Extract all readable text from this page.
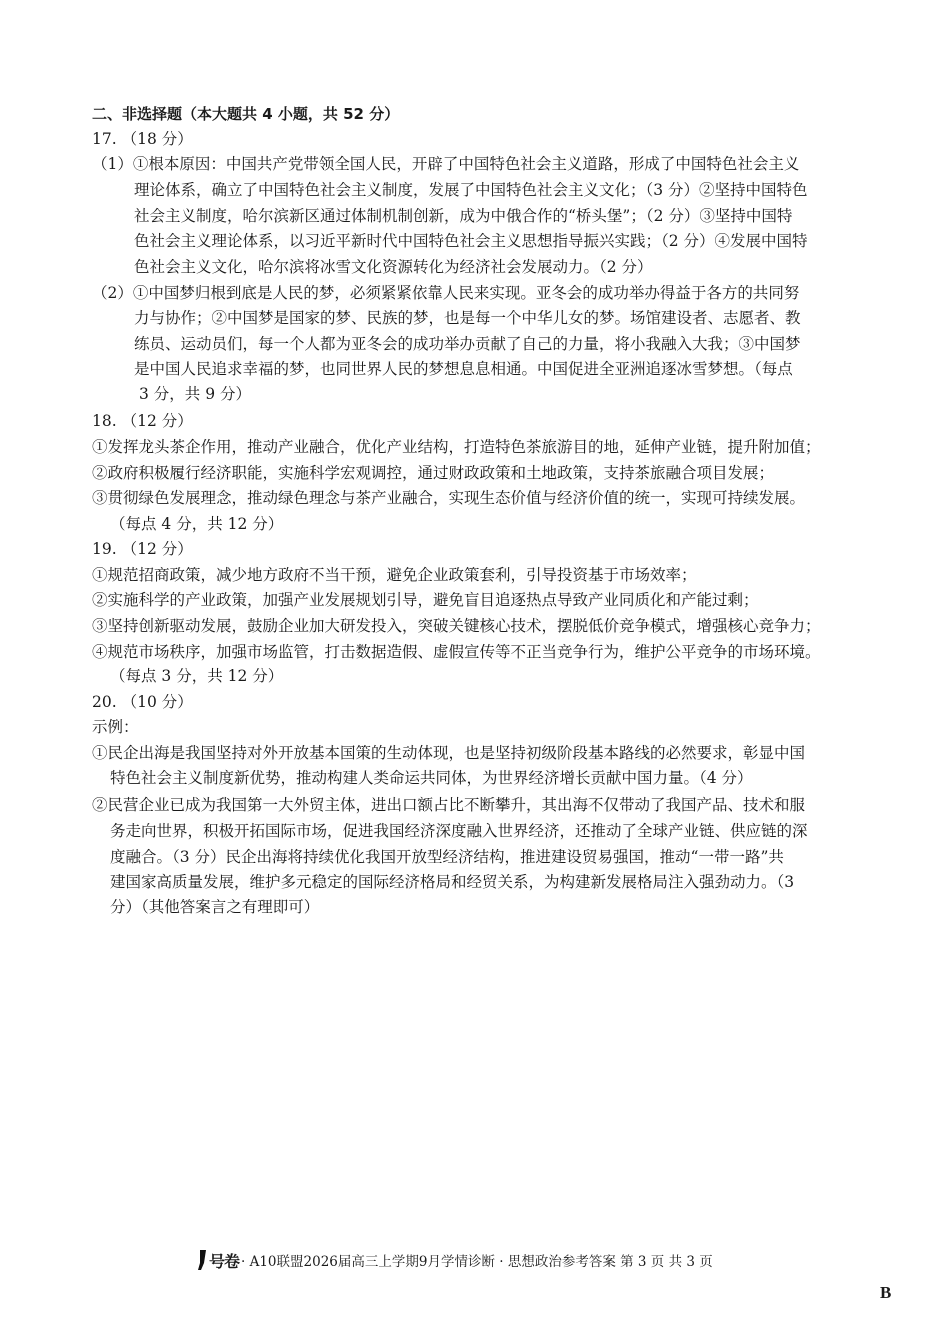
二、非选择题（本大题共 4 小题，共 52 分）
17. （18 分）
（1）①根本原因：中国共产党带领全国人民，开辟了中国特色社会主义道路，形成了中国特色社会主义
理论体系，确立了中国特色社会主义制度，发展了中国特色社会主义文化；（3 分）②坚持中国特色
社会主义制度，哈尔滨新区通过体制机制创新，成为中俄合作的“桥头堡”；（2 分）③坚持中国特
色社会主义理论体系，以习近平新时代中国特色社会主义思想指导振兴实践；（2 分）④发展中国特
色社会主义文化，哈尔滨将冰雪文化资源转化为经济社会发展动力。（2 分）
（2）①中国梦归根到底是人民的梦，必须紧紧依靠人民来实现。亚冬会的成功举办得益于各方的共同努
力与协作；②中国梦是国家的梦、民族的梦，也是每一个中华儿女的梦。场馆建设者、志愿者、教
练员、运动员们，每一个人都为亚冬会的成功举办贡献了自己的力量，将小我融入大我；③中国梦
是中国人民追求幸福的梦，也同世界人民的梦想息息相通。中国促进全亚洲追逐冰雪梦想。（每点
3 分，共 9 分）
18. （12 分）
①发挥龙头茶企作用，推动产业融合，优化产业结构，打造特色茶旅游目的地，延伸产业链，提升附加值；
②政府积极履行经济职能，实施科学宏观调控，通过财政政策和土地政策，支持茶旅融合项目发展；
③贯彻绿色发展理念，推动绿色理念与茶产业融合，实现生态价值与经济价值的统一，实现可持续发展。
（每点 4 分，共 12 分）
19. （12 分）
①规范招商政策，减少地方政府不当干预，避免企业政策套利，引导投资基于市场效率；
②实施科学的产业政策，加强产业发展规划引导，避免盲目追逐热点导致产业同质化和产能过剩；
③坚持创新驱动发展，鼓励企业加大研发投入，突破关键核心技术，摆脱低价竞争模式，增强核心竞争力；
④规范市场秩序，加强市场监管，打击数据造假、虚假宣传等不正当竞争行为，维护公平竞争的市场环境。
（每点 3 分，共 12 分）
20. （10 分）
示例：
①民企出海是我国坚持对外开放基本国策的生动体现，也是坚持初级阶段基本路线的必然要求，彰显中国
特色社会主义制度新优势，推动构建人类命运共同体，为世界经济增长贡献中国力量。（4 分）
②民营企业已成为我国第一大外贸主体，进出口额占比不断攀升，其出海不仅带动了我国产品、技术和服
务走向世界，积极开拓国际市场，促进我国经济深度融入世界经济，还推动了全球产业链、供应链的深
度融合。（3 分）民企出海将持续优化我国开放型经济结构，推进建设贸易强国，推动“一带一路”共
建国家高质量发展，维护多元稳定的国际经济格局和经贸关系，为构建新发展格局注入强劲动力。（3
分）（其他答案言之有理即可）
号卷 · A10联盟2026届高三上学期9月学情诊断 · 思想政治参考答案 第 3 页 共 3 页
B
